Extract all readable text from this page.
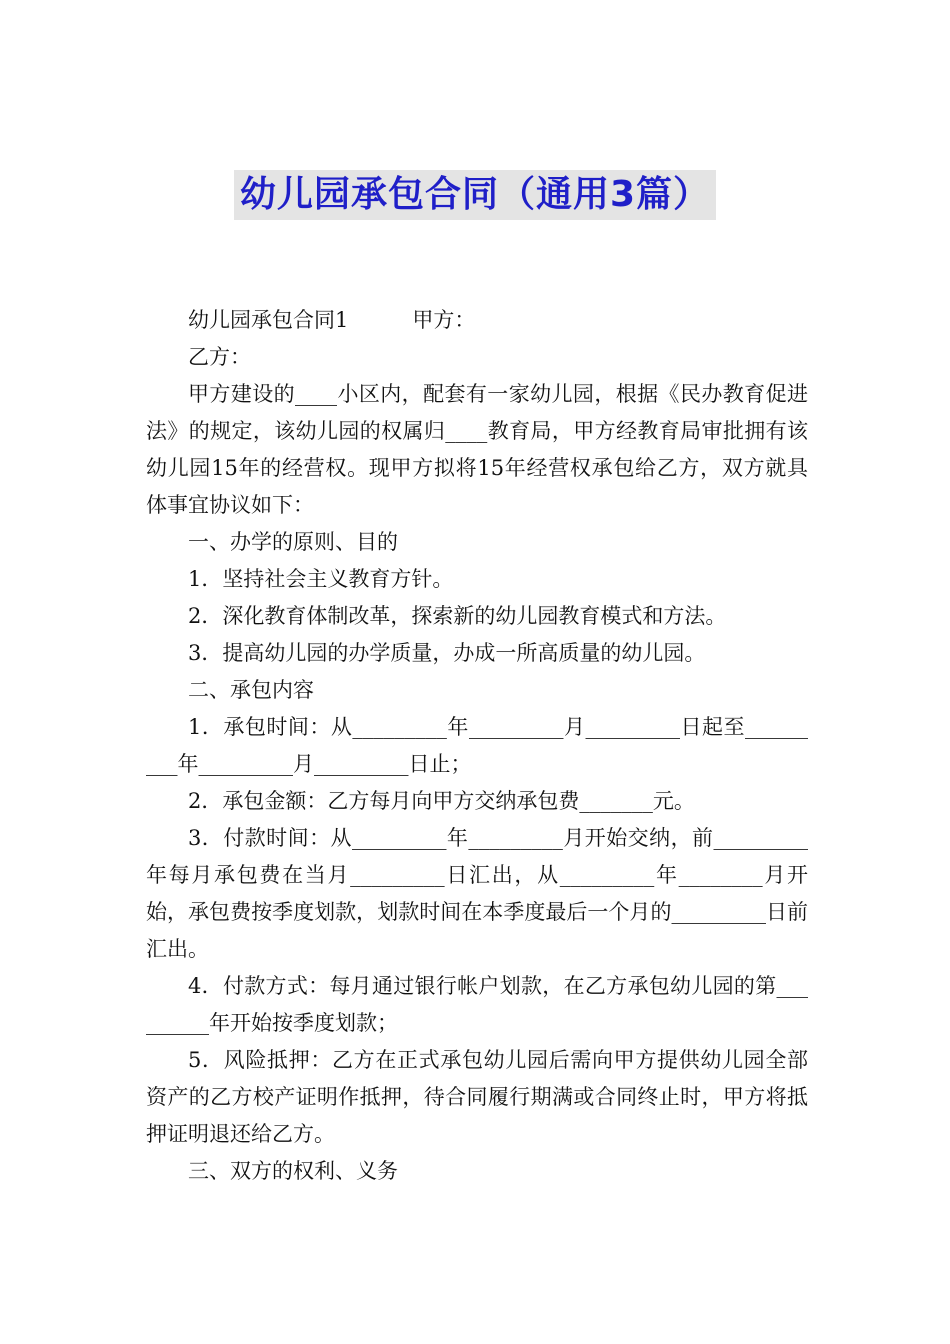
幼儿园承包合同（通用3篇）

幼儿园承包合同1	甲方：

乙方：

甲方建设的____小区内，配套有一家幼儿园，根据《民办教育促进法》的规定，该幼儿园的权属归____教育局，甲方经教育局审批拥有该幼儿园15年的经营权。现甲方拟将15年经营权承包给乙方，双方就具体事宜协议如下：

一、办学的原则、目的

1．坚持社会主义教育方针。

2．深化教育体制改革，探索新的幼儿园教育模式和方法。

3．提高幼儿园的办学质量，办成一所高质量的幼儿园。

二、承包内容

1．承包时间：从_________年_________月_________日起至_________年_________月_________日止；

2．承包金额：乙方每月向甲方交纳承包费_______元。

3．付款时间：从_________年_________月开始交纳，前_________年每月承包费在当月_________日汇出，从_________年________月开始，承包费按季度划款，划款时间在本季度最后一个月的_________日前汇出。

4．付款方式：每月通过银行帐户划款，在乙方承包幼儿园的第_________年开始按季度划款；

5．风险抵押：乙方在正式承包幼儿园后需向甲方提供幼儿园全部资产的乙方校产证明作抵押，待合同履行期满或合同终止时，甲方将抵押证明退还给乙方。

三、双方的权利、义务
